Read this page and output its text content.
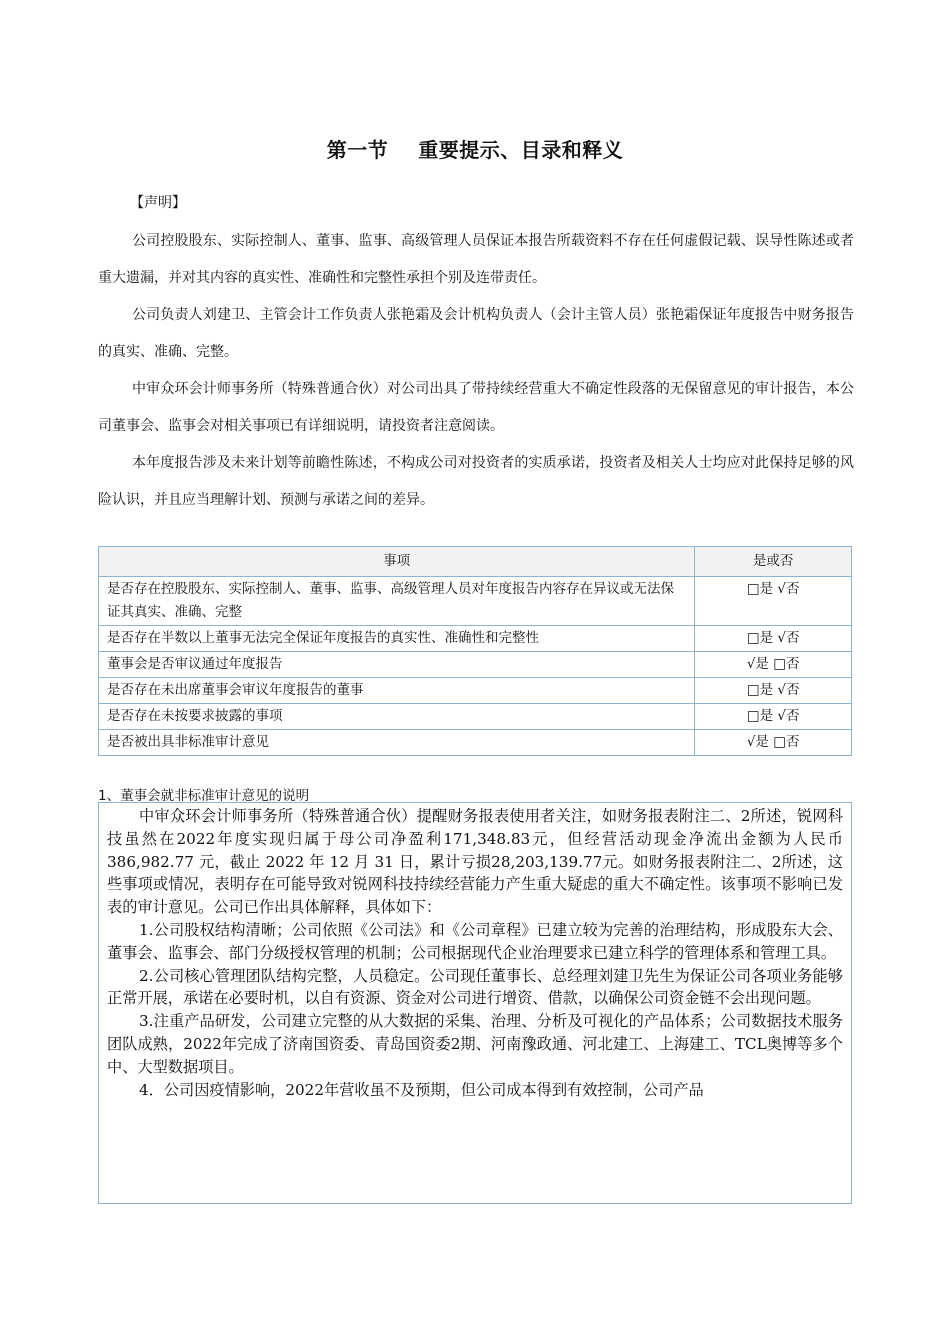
第一节 重要提示、目录和释义
【声明】

公司控股股东、实际控制人、董事、监事、高级管理人员保证本报告所载资料不存在任何虚假记载、误导性陈述或者重大遗漏，并对其内容的真实性、准确性和完整性承担个别及连带责任。

公司负责人刘建卫、主管会计工作负责人张艳霜及会计机构负责人（会计主管人员）张艳霜保证年度报告中财务报告的真实、准确、完整。

中审众环会计师事务所（特殊普通合伙）对公司出具了带持续经营重大不确定性段落的无保留意见的审计报告，本公司董事会、监事会对相关事项已有详细说明，请投资者注意阅读。

本年度报告涉及未来计划等前瞻性陈述，不构成公司对投资者的实质承诺，投资者及相关人士均应对此保持足够的风险认识，并且应当理解计划、预测与承诺之间的差异。

事项	是或否
是否存在控股股东、实际控制人、董事、监事、高级管理人员对年度报告内容存在异议或无法保证其真实、准确、完整	□是 √否
是否存在半数以上董事无法完全保证年度报告的真实性、准确性和完整性	□是 √否
董事会是否审议通过年度报告	√是 □否
是否存在未出席董事会审议年度报告的董事	□是 √否
是否存在未按要求披露的事项	□是 √否
是否被出具非标准审计意见	√是 □否
1、董事会就非标准审计意见的说明

中审众环会计师事务所（特殊普通合伙）提醒财务报表使用者关注，如财务报表附注二、2所述，锐网科技虽然在2022年度实现归属于母公司净盈利171,348.83元，但经营活动现金净流出金额为人民币 386,982.77 元，截止 2022 年 12 月 31 日，累计亏损28,203,139.77元。如财务报表附注二、2所述，这些事项或情况，表明存在可能导致对锐网科技持续经营能力产生重大疑虑的重大不确定性。该事项不影响已发表的审计意见。公司已作出具体解释，具体如下：

1.公司股权结构清晰；公司依照《公司法》和《公司章程》已建立较为完善的治理结构，形成股东大会、董事会、监事会、部门分级授权管理的机制；公司根据现代企业治理要求已建立科学的管理体系和管理工具。

2.公司核心管理团队结构完整，人员稳定。公司现任董事长、总经理刘建卫先生为保证公司各项业务能够正常开展，承诺在必要时机，以自有资源、资金对公司进行增资、借款，以确保公司资金链不会出现问题。

3.注重产品研发，公司建立完整的从大数据的采集、治理、分析及可视化的产品体系；公司数据技术服务团队成熟，2022年完成了济南国资委、青岛国资委2期、河南豫政通、河北建工、上海建工、TCL奥博等多个中、大型数据项目。

4．公司因疫情影响，2022年营收虽不及预期，但公司成本得到有效控制，公司产品
